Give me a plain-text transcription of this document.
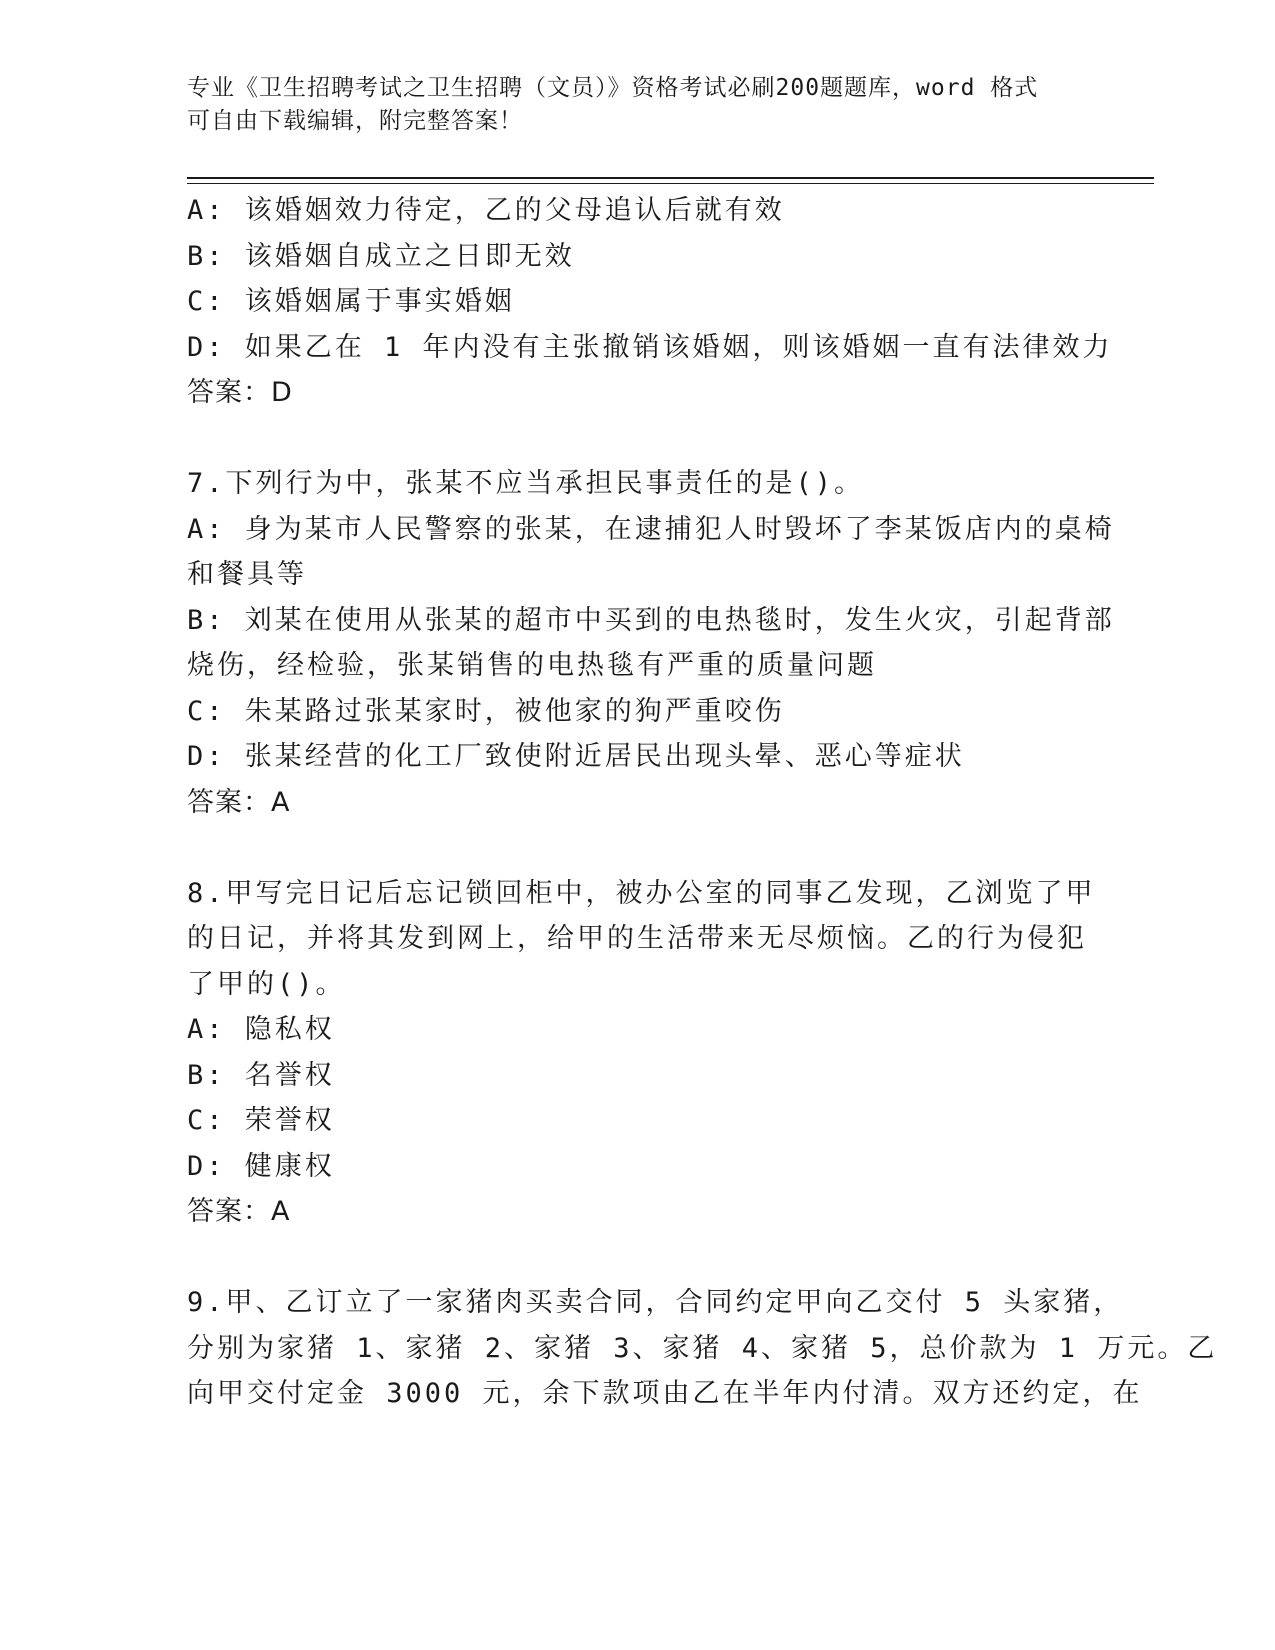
专业《卫生招聘考试之卫生招聘（文员）》资格考试必刷200题题库，word 格式
可自由下载编辑，附完整答案！
A: 该婚姻效力待定，乙的父母追认后就有效
B: 该婚姻自成立之日即无效
C: 该婚姻属于事实婚姻
D: 如果乙在 1 年内没有主张撤销该婚姻，则该婚姻一直有法律效力
答案：D
7.下列行为中，张某不应当承担民事责任的是()。
A: 身为某市人民警察的张某，在逮捕犯人时毁坏了李某饭店内的桌椅
和餐具等
B: 刘某在使用从张某的超市中买到的电热毯时，发生火灾，引起背部
烧伤，经检验，张某销售的电热毯有严重的质量问题
C: 朱某路过张某家时，被他家的狗严重咬伤
D: 张某经营的化工厂致使附近居民出现头晕、恶心等症状
答案：A
8.甲写完日记后忘记锁回柜中，被办公室的同事乙发现，乙浏览了甲
的日记，并将其发到网上，给甲的生活带来无尽烦恼。乙的行为侵犯
了甲的()。
A: 隐私权
B: 名誉权
C: 荣誉权
D: 健康权
答案：A
9.甲、乙订立了一家猪肉买卖合同，合同约定甲向乙交付 5 头家猪，
分别为家猪 1、家猪 2、家猪 3、家猪 4、家猪 5，总价款为 1 万元。乙
向甲交付定金 3000 元，余下款项由乙在半年内付清。双方还约定，在
